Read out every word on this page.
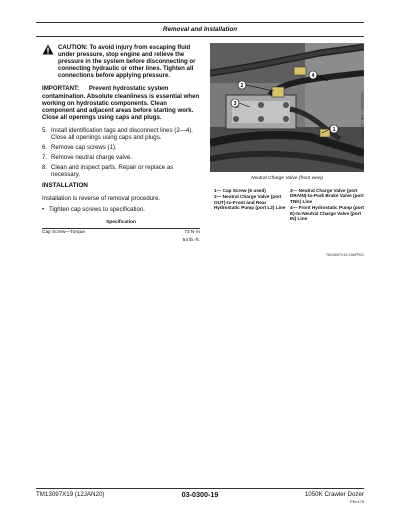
Removal and Installation
CAUTION: To avoid injury from escaping fluid under pressure, stop engine and relieve the pressure in the system before disconnecting or connecting hydraulic or other lines. Tighten all connections before applying pressure.
IMPORTANT: Prevent hydrostatic system contamination. Absolute cleanliness is essential when working on hydrostatic components. Clean component and adjacent areas before starting work. Close all openings using caps and plugs.
5. Install identification tags and disconnect lines (2—4). Close all openings using caps and plugs.
6. Remove cap screws (1).
7. Remove neutral charge valve.
8. Clean and inspect parts. Repair or replace as necessary.
INSTALLATION
Installation is reverse of removal procedure.
• Tighten cap screws to specification.
Specification
Cap Screw—Torque	73 N·m
54 lb.-ft.
4
2
3
1	TX1200624 —UN—15FEB16
Neutral Charge Valve (front view)
1— Cap Screw (6 used)
2— Neutral Charge Valve (port OUT)-to-Front and Rear Hydrostatic Pump (port L2) Line
3— Neutral Charge Valve (port DRAIN)-to-Park Brake Valve (port TNK) Line
4— Front Hydrostatic Pump (port E)-to-Neutral Charge Valve (port IN) Line
TM13097X19-19APR21
TM13097X19 (12JAN20)	03-0300-19	1050K Crawler Dozer
PN=175
